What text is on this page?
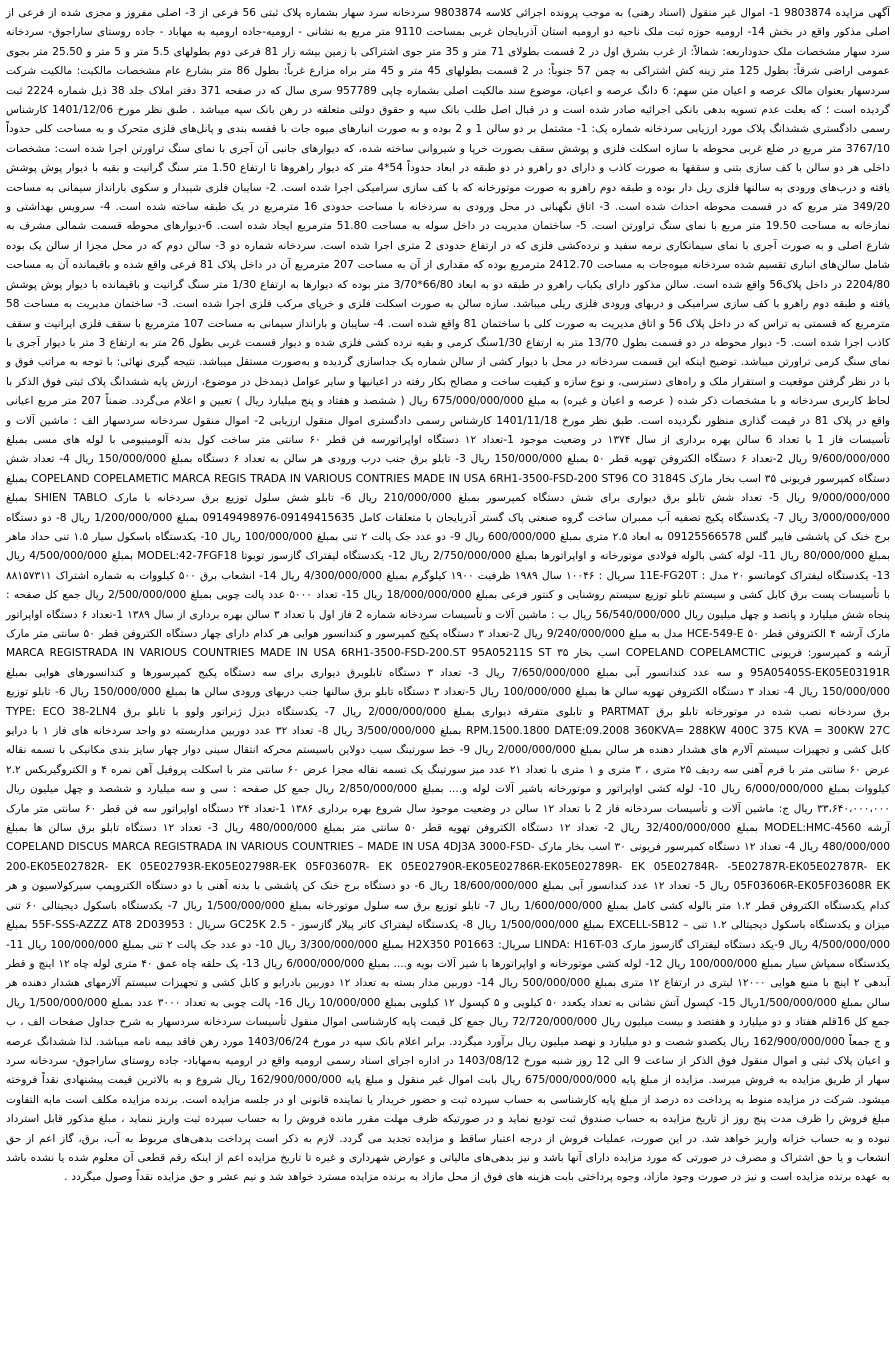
آگهی مزایده 9803874 1- اموال غیر منقول (اسناد رهنی) به موجب پرونده اجرائی کلاسه 9803874 سردخانه سرد سهار بشماره پلاک ثبتی 56 فرعی از 3- اصلی مفروز و مجزی شده از فرعی از اصلی مذکور واقع در بخش 14- ارومیه حوزه ثبت ملک ناحیه دو ارومیه استان آذربایجان غربی بمساحت 9110 متر مربع به نشانی - ارومیه-جاده ارومیه به مهاباد - جاده روستای ساراجوق- سردخانه سرد سهار مشخصات ملک حدوداربعه: شمالاً: از غرب بشرق اول در 2 قسمت بطولای 71 متر و 35 متر جوی اشتراکی با زمین بیشه زار 81 فرعی دوم بطولهای 5.5 متر و 5 متر و 25.50 متر بجوی عمومی اراضی شرقاً: بطول 125 متر زینه کش اشتراکی به چمن 57 جنوباً: در 2 قسمت بطولهای 45 متر و 45 متر براه مزارع غرباً: بطول 86 متر بشارع عام مشخصات مالکیت: مالکیت شرکت سردسهار بعنوان مالک عرصه و اعیان متن سهم: 6 دانگ عرصه و اعیان، موضوع سند مالکیت اصلی بشماره چاپی 957789 سری سال که در صفحه 371 دفتر املاک جلد 38 ذیل شماره 2224 ثبت گردیده است ؛ که بعلت عدم تسویه بدهی بانکی اجرائیه صادر شده است و در قبال اصل طلب بانک سپه و حقوق دولتی متعلقه در رهن بانک سپه میباشد . طبق نظر مورخ 1401/12/06 کارشناس رسمی دادگستری ششدانگ پلاک مورد ارزیابی سردخانه شماره یک: 1- مشتمل بر دو سالن 1 و 2 بوده و به صورت انبارهای میوه جات با قفسه بندی و پانل‌های فلزی متحرک و به مساحت کلی حدوداً 3767/10 متر مربع در ضلع غربی محوطه با سازه اسکلت فلزی و پوشش سقف بصورت خرپا و شیروانی ساخته شده، که دیوارهای جانبی آن آجری با نمای سنگ تراورتن اجرا شده است: مشخصات داخلی هر دو سالن با کف سازی بتنی و سقفها به صورت کاذب و دارای دو راهرو در دو طبقه در ابعاد حدوداً 54*4 متر که دیوار راهروها تا ارتفاع 1.50 متر سنگ گرانیت و بقیه با دیوار پوش پوشش یافته و درب‌های ورودی به سالنها فلزی ریل دار بوده و طبقه دوم راهرو به صورت موتورخانه که با کف سازی سرامیکی اجرا شده است. 2- سایبان فلزی شیبدار و سکوی بارانداز سیمانی به مساحت 349/20 متر مربع که در قسمت محوطه احداث شده است. 3- اتاق نگهبانی در محل ورودی به سردخانه با مساحت حدودی 16 مترمربع در یک طبقه ساخته شده است. 4- سرویس بهداشتی و نمازخانه به مساحت 19.50 متر مربع با نمای سنگ تراورتن است. 5- ساختمان مدیریت در داخل سوله به مساحت 51.80 مترمربع ایجاد شده است. 6-دیوارهای محوطه قسمت شمالی مشرف به شارع اصلی و به صورت آجری با نمای سیمانکاری نرمه سفید و نرده‌کشی فلزی که در ارتفاع حدودی 2 متری اجرا شده است. سردخانه شماره دو 3- سالن دوم که در محل مجزا از سالن یک بوده شامل سالن‌های انباری تقسیم شده سردخانه میوه‌جات به مساحت 2412.70 مترمربع بوده که مقداری از آن به مساحت 207 مترمربع آن در داخل پلاک 81 فرعی واقع شده و باقیمانده آن به مساحت 2204/80 در داخل پلاک56 واقع شده است. سالن مذکور دارای یکباب راهرو در طبقه دو به ابعاد 66/80*3/70 متر بوده که دیوارها به ارتفاع 1/30 متر سنگ گرانیت و باقیمانده با دیوار پوش پوشش یافته و طبقه دوم راهرو با کف سازی سرامیکی و دربهای ورودی فلزی ریلی میباشد. سازه سالن به صورت اسکلت فلزی و خرپای مرکب فلزی اجرا شده است. 3- ساختمان مدیریت به مساحت 58 مترمربع که قسمتی به تراس که در داخل پلاک 56 و اتاق مدیریت به صورت کلی با ساختمان 81 واقع شده است. 4- سایبان و بارانداز سیمانی به مساحت 107 مترمربع با سقف فلزی ایرانیت و سقف کاذب اجرا شده است. 5- دیوار محوطه در دو قسمت بطول 13/70 متر به ارتفاع 1/30سنگ کرمی و بقیه نرده کشی فلزی شده و دیوار قسمت غربی بطول 26 متر به ارتفاع 3 متر با دیوار آجری با نمای سنگ کرمی تراورتن میباشد. توضیح اینکه این قسمت سردخانه در محل با دیوار کشی از سالن شماره یک جداسازی گردیده و به‌صورت مستقل میباشد. نتیجه گیری نهائی: با توجه به مراتب فوق و با در نظر گرفتن موقعیت و استقرار ملک و راه‌های دسترسی، و نوع سازه و کیفیت ساخت و مصالح بکار رفته در اعیانیها و سایر عوامل ذیمدخل در موضوع، ارزش پایه ششدانگ پلاک ثبتی فوق الذکر با لحاظ کاربری سردخانه و با مشخصات ذکر شده ( عرصه و اعیان و غیره) به مبلغ 675/000/000/000 ریال ( ششصد و هفتاد و پنج میلیارد ریال ) تعیین و اعلام می‌گردد. ضمناً 207 متر مربع اعیانی واقع در پلاک 81 در قیمت گذاری منظور نگردیده است. طبق نظر مورخ 1401/11/18 کارشناس رسمی دادگستری اموال منقول ارزیابی 2- اموال منقول سردخانه سردسهار الف : ماشین آلات و تأسیسات فاز 1 با تعداد 6 سالن بهره برداری از سال ۱۳۷۴ در وضعیت موجود 1-تعداد ۱۲ دستگاه اواپراتورسه فن قطر ۶۰ سانتی متر ساخت کول بدنه آلومینیومی با لوله های مسی بمبلغ 9/600/000/000 ریال 2-تعداد ۶ دستگاه الکتروفن تهویه قطر ۵۰ بمبلغ 150/000/000 ریال 3- تابلو برق جنب درب ورودی هر سالن به تعداد ۶ دستگاه بمبلغ 150/000/000 ریال 4- تعداد شش دستگاه کمپرسور فریونی ۳۵ اسب بخار مارک COPELAND COPELAMETIC MARCA REGIS TRADA IN VARIOUS CONTRIES MADE IN USA 6RH1-3500-FSD-200 ST96 CO 3184S بمبلغ 9/000/000/000 ریال 5- تعداد شش تابلو برق دیواری برای شش دستگاه کمپرسور بمبلغ 210/000/000 ریال 6- تابلو شش سلول توزیع برق سردخانه با مارک SHIEN TABLO بمبلغ 3/000/000/000 ریال 7- یکدستگاه پکیج تصفیه آب ممبران ساخت گروه صنعتی پاک گستر آذربایجان با متعلقات کامل 09149415635-09149498976 بمبلغ 1/200/000/000 ریال 8- دو دستگاه برج خنک کن پاششی فایبر گلس 09125566578 به ابعاد ۲.۵ متری بمبلغ 600/000/000 ریال 9- دو عدد جک پالت ۲ تنی بمبلغ 100/000/000 ریال 10- یکدستگاه باسکول سیار ۱.۵ تنی حداد ماهر بمبلغ 80/000/000 ریال 11- لوله کشی بالوله فولادی موتورخانه و اواپراتورها بمبلغ 2/750/000/000 ریال 12- یکدستگاه لیفتراک گازسوز تویوتا MODEL:42-7FGF18 بمبلغ 4/500/000/000 ریال 13- یکدستگاه لیفتراک کوماتسو ۲۰ مدل : 11E-FG20T سریال : ۱۰۰۴۶ سال ۱۹۸۹ ظرفیت ۱۹۰۰ کیلوگرم بمبلغ 4/300/000/000 ریال 14- انشعاب برق ۵۰۰ کیلووات به شماره اشتراک ۸۸۱۵۷۳۱۱ با تأسیسات پست برق کابل کشی و سیستم تابلو توزیع سیستم روشنایی و کنتور فرعی بمبلغ 18/000/000/000 ریال 15- تعداد ۵۰۰۰ عدد پالت چوبی بمبلغ 2/500/000/000 ریال جمع کل صفحه : پنجاه شش میلیارد و پانصد و چهل میلیون ریال 56/540/000/000 ریال ب : ماشین آلات و تأسیسات سردخانه شماره 2 فاز اول با تعداد ۳ سالن بهره برداری از سال ۱۳۸۹ 1-تعداد ۶ دستگاه اواپراتور مارک آرشه ۴ الکتروفن قطر ۵۰ HCE-549-E مدل به مبلغ 9/240/000/000 ریال 2-تعداد ۳ دستگاه پکیج کمپرسور و کندانسور هوایی هر کدام دارای چهار دستگاه الکتروفن قطر ۵۰ سانتی متر مارک آرشه و کمپرسور: فریونی COPELAND COPELAMCTIC اسب بخار ۳۵ MARCA REGISTRADA IN VARIOUS COUNTRIES MADE IN USA 6RH1-3500-FSD-200.ST 95A05211S ST 95A05405S-EK05E03191R و سه عدد کندانسور آبی بمبلغ 7/650/000/000 ریال 3- تعداد ۳ دستگاه تابلوبرق دیواری برای سه دستگاه پکیج کمپرسورها و کندانسورهای هوایی بمبلغ 150/000/000 ریال 4- تعداد ۳ دستگاه الکتروفن تهویه سالن ها بمبلغ 100/000/000 ریال 5-تعداد ۳ دستگاه تابلو برق سالنها جنب دربهای ورودی سالن ها بمبلغ 150/000/000 ریال 6- تابلو توزیع برق سردخانه نصب شده در موتورخانه تابلو برق PARTMAT و تابلوی متفرقه دیواری بمبلغ 2/000/000/000 ریال 7- یکدستگاه دیزل ژنراتور ولوو با تابلو برق TYPE: ECO 38-2LN4 RPM.1500.1800 DATE:09.2008 360KVA= 288KW 400C 375 KVA = 300KW 27C بمبلغ 3/500/000/000 ریال 8- تعداد ۳۲ عدد دوربین مداربسته دو واحد سردخانه های فاز ۱ با درایو کابل کشی و تجهیزات سیستم آلارم های هشدار دهنده هر سالن بمبلغ 2/000/000/000 ریال 9- خط سورتینگ سیب دولاین باسیستم محرکه انتقال سینی دوار چهار سایز بندی مکانیکی با تسمه نقاله عرض ۶۰ سانتی متر با فرم آهنی سه ردیف ۲۵ متری ، ۳ متری و ۱ متری با تعداد ۲۱ عدد میز سورتینگ یک تسمه نقاله مجزا عرض ۶۰ سانتی متر با اسکلت پروفیل آهن نمره ۴ و الکتروگیربکس ۲.۲ کیلووات بمبلغ 6/000/000/000 ریال 10- لوله کشی اواپراتور و موتورخانه باشیر آلات لوله و.... بمبلغ 2/850/000/000 ریال جمع کل صفحه : سی و سه میلیارد و ششصد و چهل میلیون ریال ۳۳،۶۴۰،۰۰۰،۰۰۰ ریال ج: ماشین آلات و تأسیسات سردخانه فاز 2 با تعداد ۱۲ سالن در وضعیت موجود سال شروع بهره برداری ۱۳۸۶ 1-تعداد ۲۴ دستگاه اواپراتور سه فن قطر ۶۰ سانتی متر مارک آرشه MODEL:HMC-4560 بمبلغ 32/400/000/000 ریال 2- تعداد ۱۲ دستگاه الکتروفن تهویه قطر ۵۰ سانتی متر بمبلغ 480/000/000 ریال 3- تعداد ۱۲ دستگاه تابلو برق سالن ها بمبلغ 480/000/000 ریال 4- تعداد ۱۲ دستگاه کمپرسور فریونی ۳۰ اسب بخار مارک COPELAND DISCUS MARCA REGISTRADA IN VARIOUS COUNTRIES – MADE IN USA 4DJ3A 3000-FSD-200-EK05E02782R- EK 05E02793R-EK05E02798R-EK 05F03607R- EK 05E02790R-EK05E02786R-EK05E02789R- EK 05E02784R- -5E02787R-EK05E02787R- EK 05F03606R-EK05F03608R EK ریال 5- تعداد ۱۲ عدد کندانسور آبی بمبلغ 18/600/000/000 ریال 6- دو دستگاه برج خنک کن پاششی با بدنه آهنی با دو دستگاه الکتروپمپ سیرکولاسیون و هر کدام یکدستگاه الکتروفن قطر ۱.۲ متر بالوله کشی کامل بمبلغ 1/600/000/000 ریال 7- تابلو توزیع برق سه سلول موتورخانه بمبلغ 1/500/000/000 ریال 7- یکدستگاه باسکول دیجیتالی ۶۰ تنی میزان و یکدستگاه باسکول دیجیتالی ۱.۲ تنی – EXCELL-SB12 بمبلغ 1/500/000/000 ریال 8- یکدستگاه لیفتراک کاتر پیلار گازسوز - 2.5 GC25K سریال : 55F-SSS-AZZZ AT8 2D03953 بمبلغ 4/500/000/000 ریال 9-یکد دستگاه لیفتراک گازسوز مارک LINDA: H16T-03 سریال: H2X350 P01663 بمبلغ 3/300/000/000 ریال 10- دو عدد جک پالت ۲ تنی بمبلغ 100/000/000 ریال 11- یکدستگاه سمپاش سیار بمبلغ 100/000/000 ریال 12- لوله کشی موتورخانه و اواپراتورها با شیر آلات بویه و.... بمبلغ 6/000/000/000 ریال 13- یک حلقه چاه عمق ۴۰ متری لوله چاه ۱۲ اینچ و قطر آبدهی ۲ اینچ با منبع هوایی ۱۲۰۰۰ لیتری در ارتفاع ۱۲ متری بمبلغ 500/000/000 ریال 14- دوربین مدار بسته به تعداد ۱۲ دوربین بادرایو و کابل کشی و تجهیزات سیستم آلارمهای هشدار دهنده هر سالن بمبلغ 1/500/000/000ریال 15- کپسول آتش نشانی به تعداد یکعدد ۵۰ کیلویی و ۵ کپسول ۱۲ کیلویی بمبلغ 10/000/000 ریال 16- پالت چوبی به تعداد ۳۰۰۰ عدد بمبلغ 1/500/000/000 ریال جمع کل 16قلم هفتاد و دو میلیارد و هفتصد و بیست میلیون ریال 72/720/000/000 ریال جمع کل قیمت پایه کارشناسی اموال منقول تأسیسات سردخانه سردسهار به شرح جداول صفحات الف ، ب و ج جمعاً 162/900/000/000 ریال یکصدو شصت و دو میلیارد و نهصد میلیون ریال برآورد میگردد. برابر اعلام بانک سپه در مورخ 1403/06/24 مورد رهن فاقد بیمه نامه میباشد. لذا ششدانگ عرصه و اعیان پلاک ثبتی و اموال منقول فوق الذکر از ساعت 9 الی 12 روز شنبه مورخ 1403/08/12 در اداره اجرای اسناد رسمی ارومیه واقع در ارومیه به‌مهاباد- جاده روستای ساراجوق- سردخانه سرد سهار از طریق مزایده به فروش میرسد. مزایده از مبلغ پایه 675/000/000/000 ریال بابت اموال غیر منقول و مبلغ پایه 162/900/000/000 ریال شروع و به بالاترین قیمت پیشنهادی نقداً فروخته میشود. شرکت در مزایده منوط به پرداخت ده درصد از مبلغ پایه کارشناسی به حساب سپرده ثبت و حضور خریدار یا نماینده قانونی او در جلسه مزایده است. برنده مزایده مکلف است مابه التفاوت مبلغ فروش را ظرف مدت پنج روز از تاریخ مزایده به حساب صندوق ثبت تودیع نماید و در صورتیکه ظرف مهلت مقرر مانده فروش را به حساب سپرده ثبت واریز ننماید ، مبلغ مذکور قابل استرداد نبوده و به حساب خزانه واریز خواهد شد. در این صورت، عملیات فروش از درجه اعتبار ساقط و مزایده تجدید می گردد. لازم به ذکر است پرداخت بدهی‌های مربوط به آب، برق، گاز اعم از حق انشعاب و یا حق اشتراک و مصرف در صورتی که مورد مزایده دارای آنها باشد و نیز بدهی‌های مالیاتی و عوارض شهرداری و غیره تا تاریخ مزایده اعم از اینکه رقم قطعی آن معلوم شده یا نشده باشد به عهده برنده مزایده است و نیز در صورت وجود مازاد، وجوه پرداختی بابت هزینه های فوق از محل مازاد به برنده مزایده مسترد خواهد شد و نیم عشر و حق مزایده نقداً وصول میگردد .
